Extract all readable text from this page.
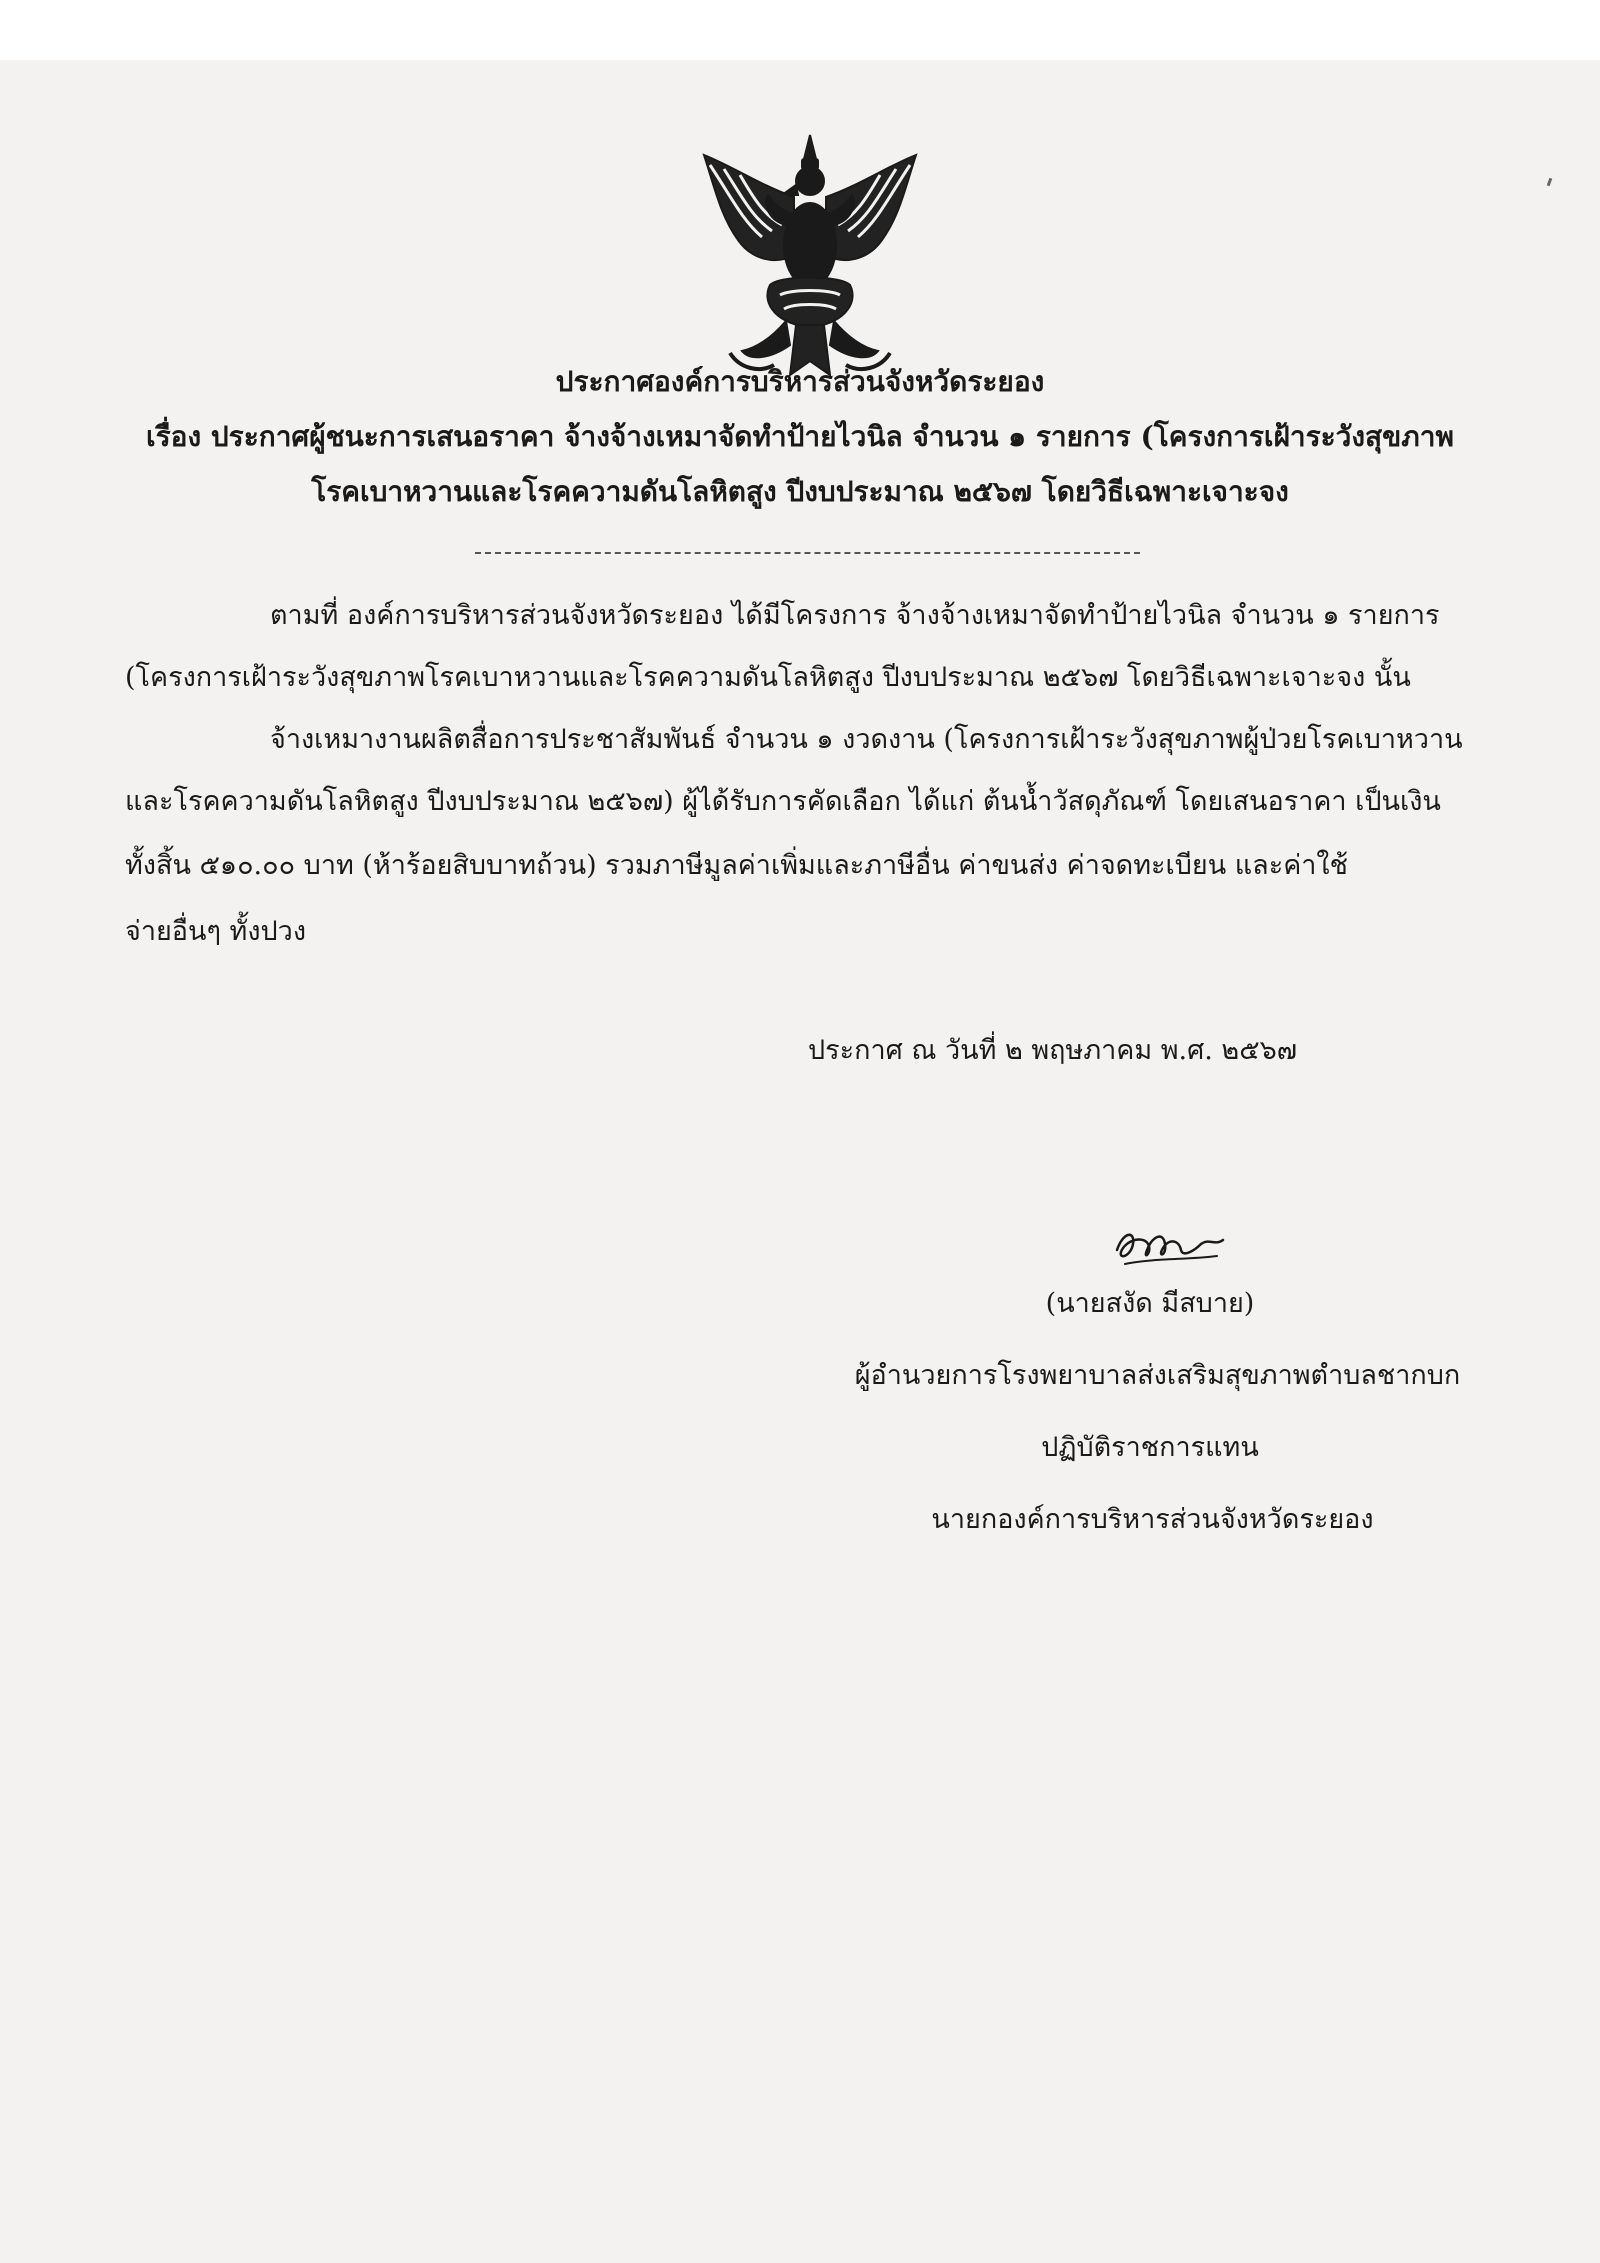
ประกาศองค์การบริหารส่วนจังหวัดระยอง
เรื่อง ประกาศผู้ชนะการเสนอราคา จ้างจ้างเหมาจัดทำป้ายไวนิล จำนวน ๑ รายการ (โครงการเฝ้าระวังสุขภาพ
โรคเบาหวานและโรคความดันโลหิตสูง ปีงบประมาณ ๒๕๖๗ โดยวิธีเฉพาะเจาะจง
ตามที่ องค์การบริหารส่วนจังหวัดระยอง ได้มีโครงการ จ้างจ้างเหมาจัดทำป้ายไวนิล จำนวน ๑ รายการ
(โครงการเฝ้าระวังสุขภาพโรคเบาหวานและโรคความดันโลหิตสูง ปีงบประมาณ ๒๕๖๗ โดยวิธีเฉพาะเจาะจง นั้น
จ้างเหมางานผลิตสื่อการประชาสัมพันธ์ จำนวน ๑ งวดงาน (โครงการเฝ้าระวังสุขภาพผู้ป่วยโรคเบาหวาน
และโรคความดันโลหิตสูง ปีงบประมาณ ๒๕๖๗) ผู้ได้รับการคัดเลือก ได้แก่ ต้นน้ำวัสดุภัณฑ์ โดยเสนอราคา เป็นเงิน
ทั้งสิ้น ๕๑๐.๐๐ บาท (ห้าร้อยสิบบาทถ้วน) รวมภาษีมูลค่าเพิ่มและภาษีอื่น ค่าขนส่ง ค่าจดทะเบียน และค่าใช้
จ่ายอื่นๆ ทั้งปวง
ประกาศ ณ วันที่ ๒ พฤษภาคม พ.ศ. ๒๕๖๗
(นายสงัด มีสบาย)
ผู้อำนวยการโรงพยาบาลส่งเสริมสุขภาพตำบลชากบก
ปฏิบัติราชการแทน
นายกองค์การบริหารส่วนจังหวัดระยอง
